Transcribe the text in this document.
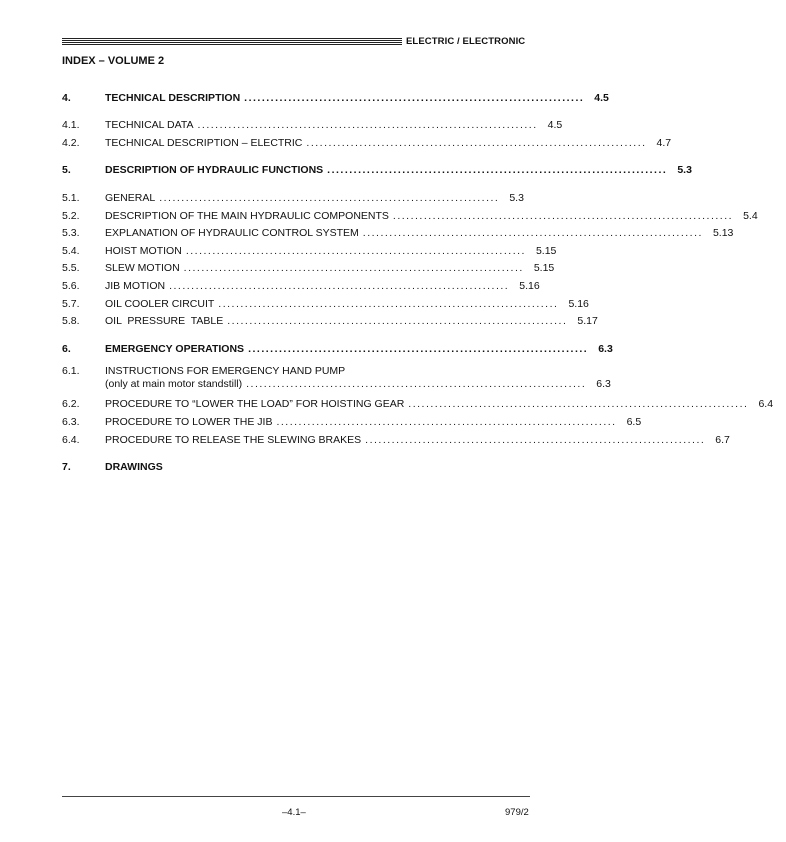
ELECTRIC / ELECTRONIC
INDEX – VOLUME 2
4.	TECHNICAL DESCRIPTION ............................................................................. 4.5
4.1.	TECHNICAL DATA ............................................................................. 4.5
4.2.	TECHNICAL DESCRIPTION – ELECTRIC ............................................................................. 4.7
5.	DESCRIPTION OF HYDRAULIC FUNCTIONS ............................................................................. 5.3
5.1.	GENERAL ............................................................................. 5.3
5.2.	DESCRIPTION OF THE MAIN HYDRAULIC COMPONENTS ............................................................................. 5.4
5.3.	EXPLANATION OF HYDRAULIC CONTROL SYSTEM ............................................................................. 5.13
5.4.	HOIST MOTION ............................................................................. 5.15
5.5.	SLEW MOTION ............................................................................. 5.15
5.6.	JIB MOTION ............................................................................. 5.16
5.7.	OIL COOLER CIRCUIT ............................................................................. 5.16
5.8.	OIL  PRESSURE  TABLE ............................................................................. 5.17
6.	EMERGENCY OPERATIONS ............................................................................. 6.3
6.1.	INSTRUCTIONS FOR EMERGENCY HAND PUMP
(only at main motor standstill) ............................................................................. 6.3
6.2.	PROCEDURE TO “LOWER THE LOAD” FOR HOISTING GEAR ............................................................................. 6.4
6.3.	PROCEDURE TO LOWER THE JIB ............................................................................. 6.5
6.4.	PROCEDURE TO RELEASE THE SLEWING BRAKES ............................................................................. 6.7
7.	DRAWINGS
–4.1–	979/2
